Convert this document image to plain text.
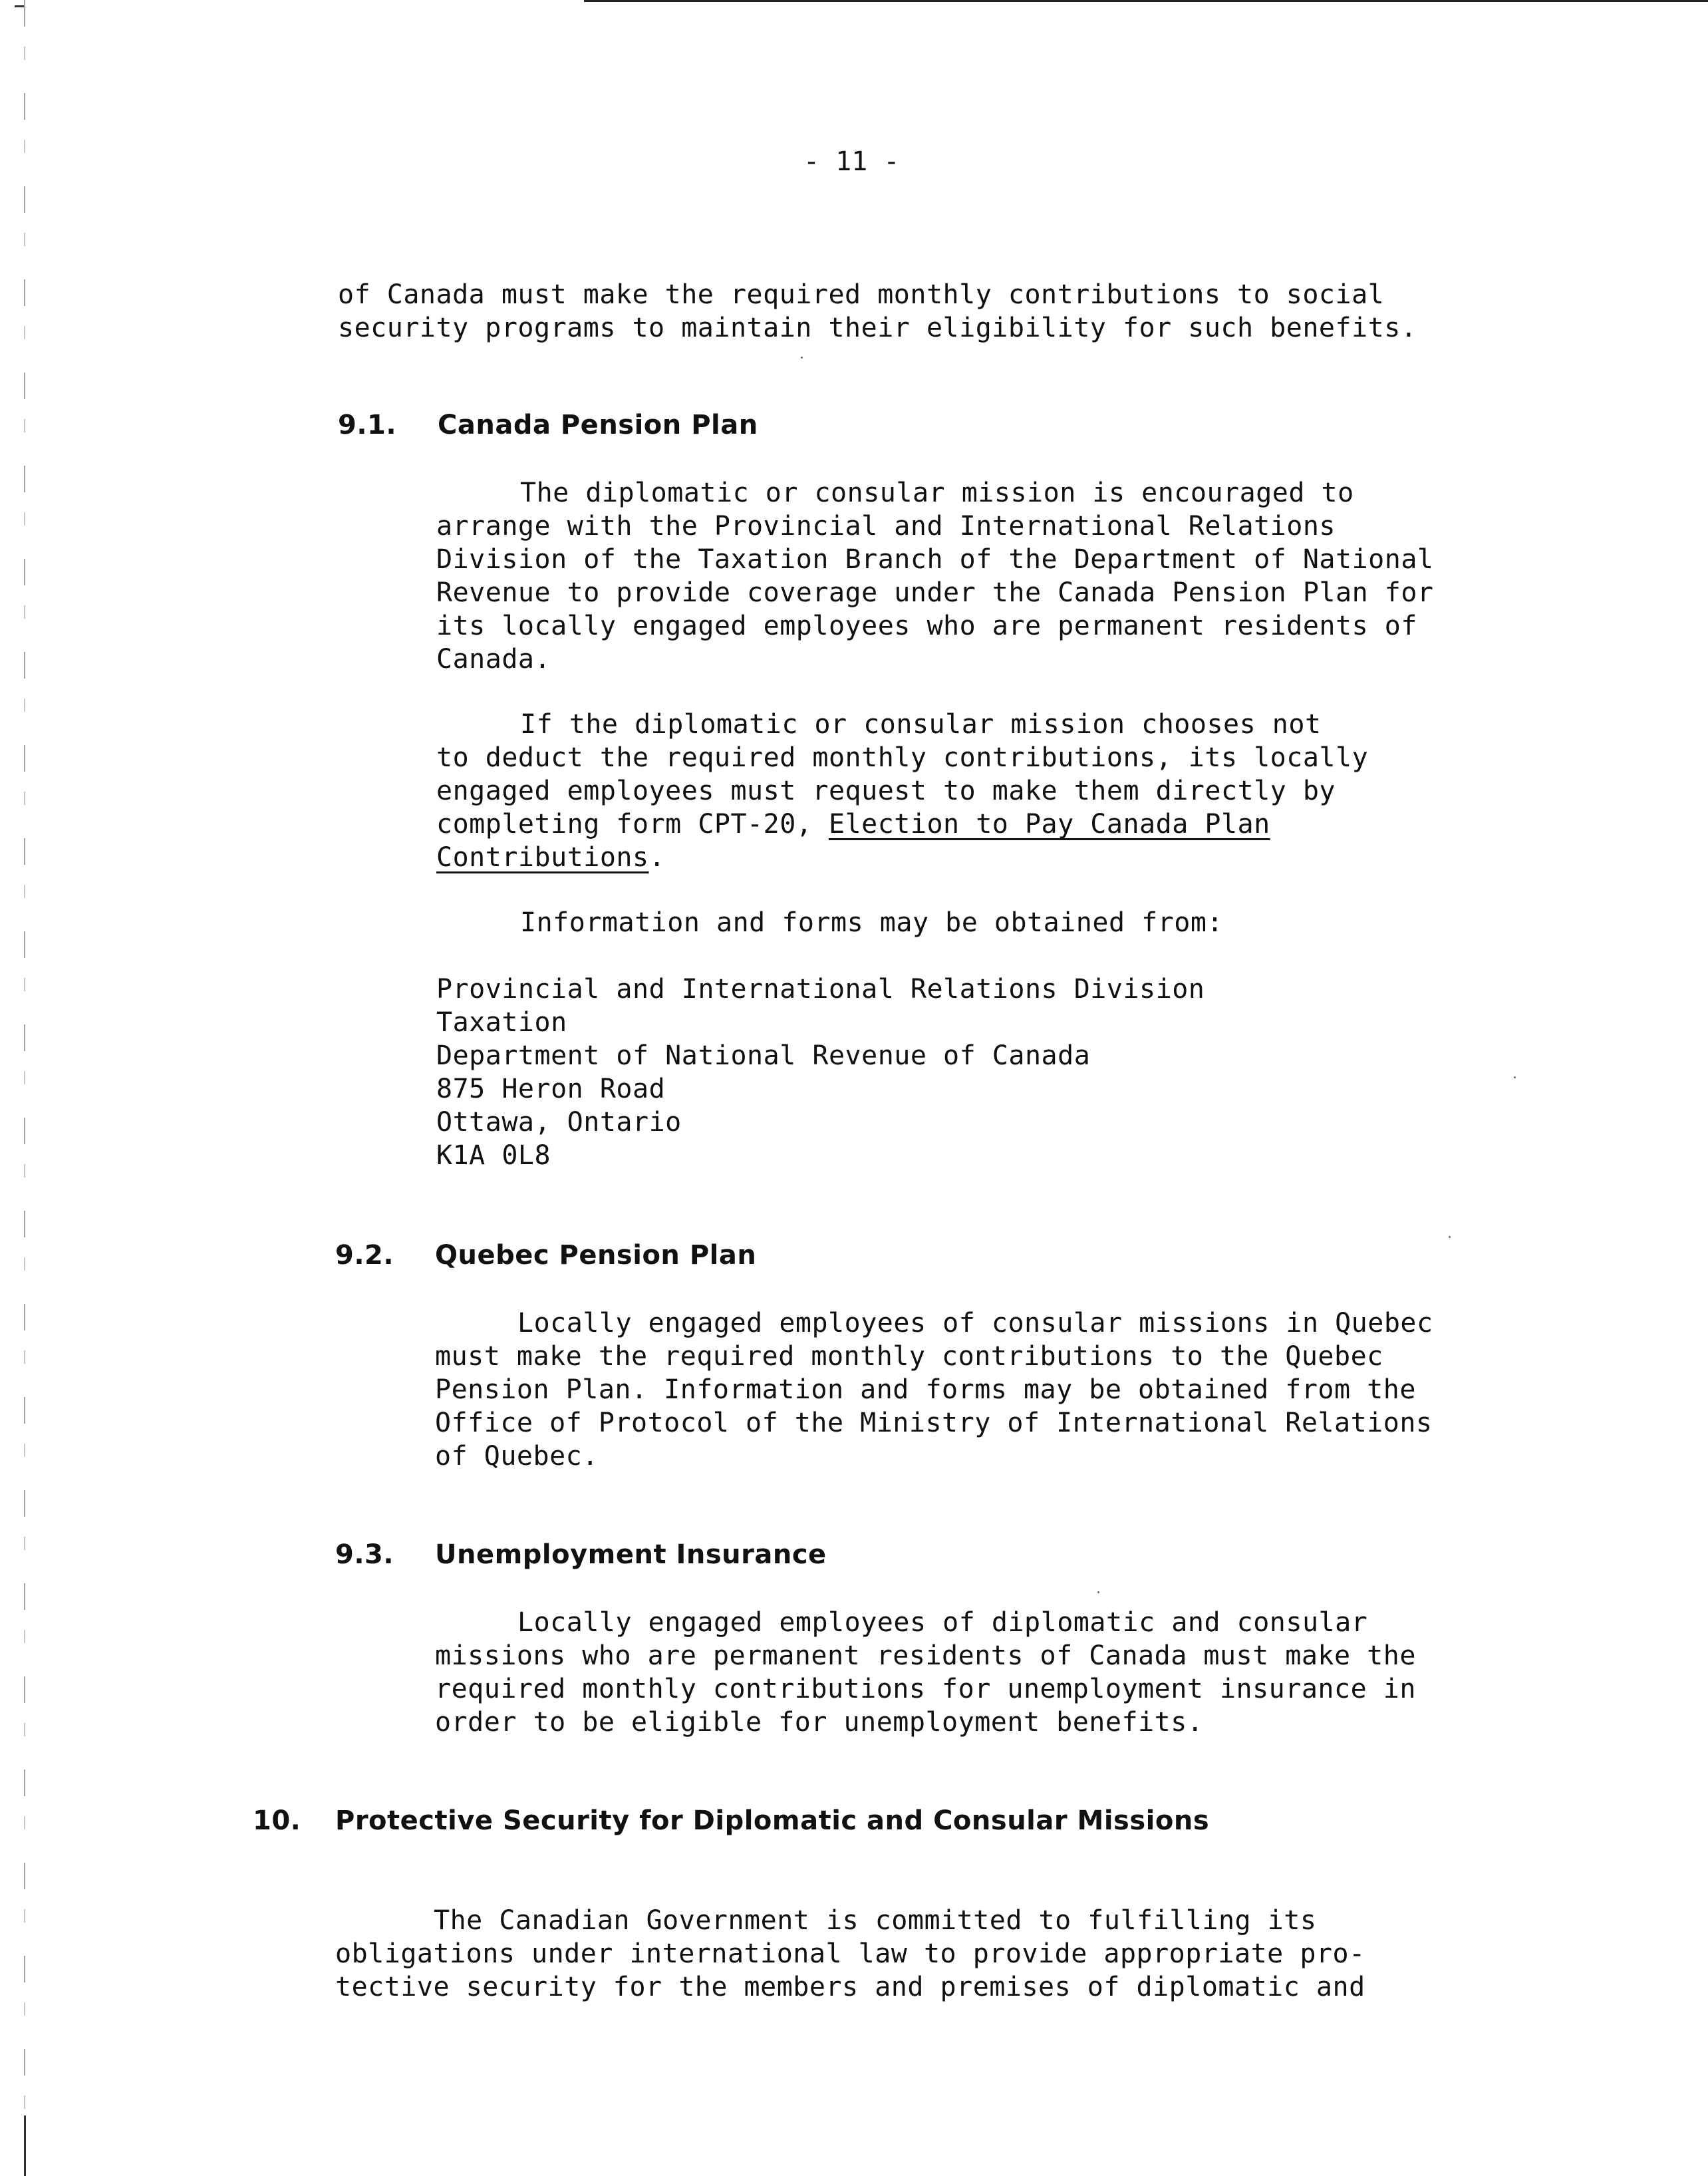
- 11 -
of Canada must make the required monthly contributions to social
security programs to maintain their eligibility for such benefits.
9.1. Canada Pension Plan
The diplomatic or consular mission is encouraged to
arrange with the Provincial and International Relations
Division of the Taxation Branch of the Department of National
Revenue to provide coverage under the Canada Pension Plan for
its locally engaged employees who are permanent residents of
Canada.
If the diplomatic or consular mission chooses not
to deduct the required monthly contributions, its locally
engaged employees must request to make them directly by
completing form CPT-20, Election to Pay Canada Plan
Contributions.
Information and forms may be obtained from:
Provincial and International Relations Division
Taxation
Department of National Revenue of Canada
875 Heron Road
Ottawa, Ontario
K1A 0L8
9.2. Quebec Pension Plan
Locally engaged employees of consular missions in Quebec
must make the required monthly contributions to the Quebec
Pension Plan. Information and forms may be obtained from the
Office of Protocol of the Ministry of International Relations
of Quebec.
9.3. Unemployment Insurance
Locally engaged employees of diplomatic and consular
missions who are permanent residents of Canada must make the
required monthly contributions for unemployment insurance in
order to be eligible for unemployment benefits.
10. Protective Security for Diplomatic and Consular Missions
The Canadian Government is committed to fulfilling its
obligations under international law to provide appropriate pro-
tective security for the members and premises of diplomatic and
